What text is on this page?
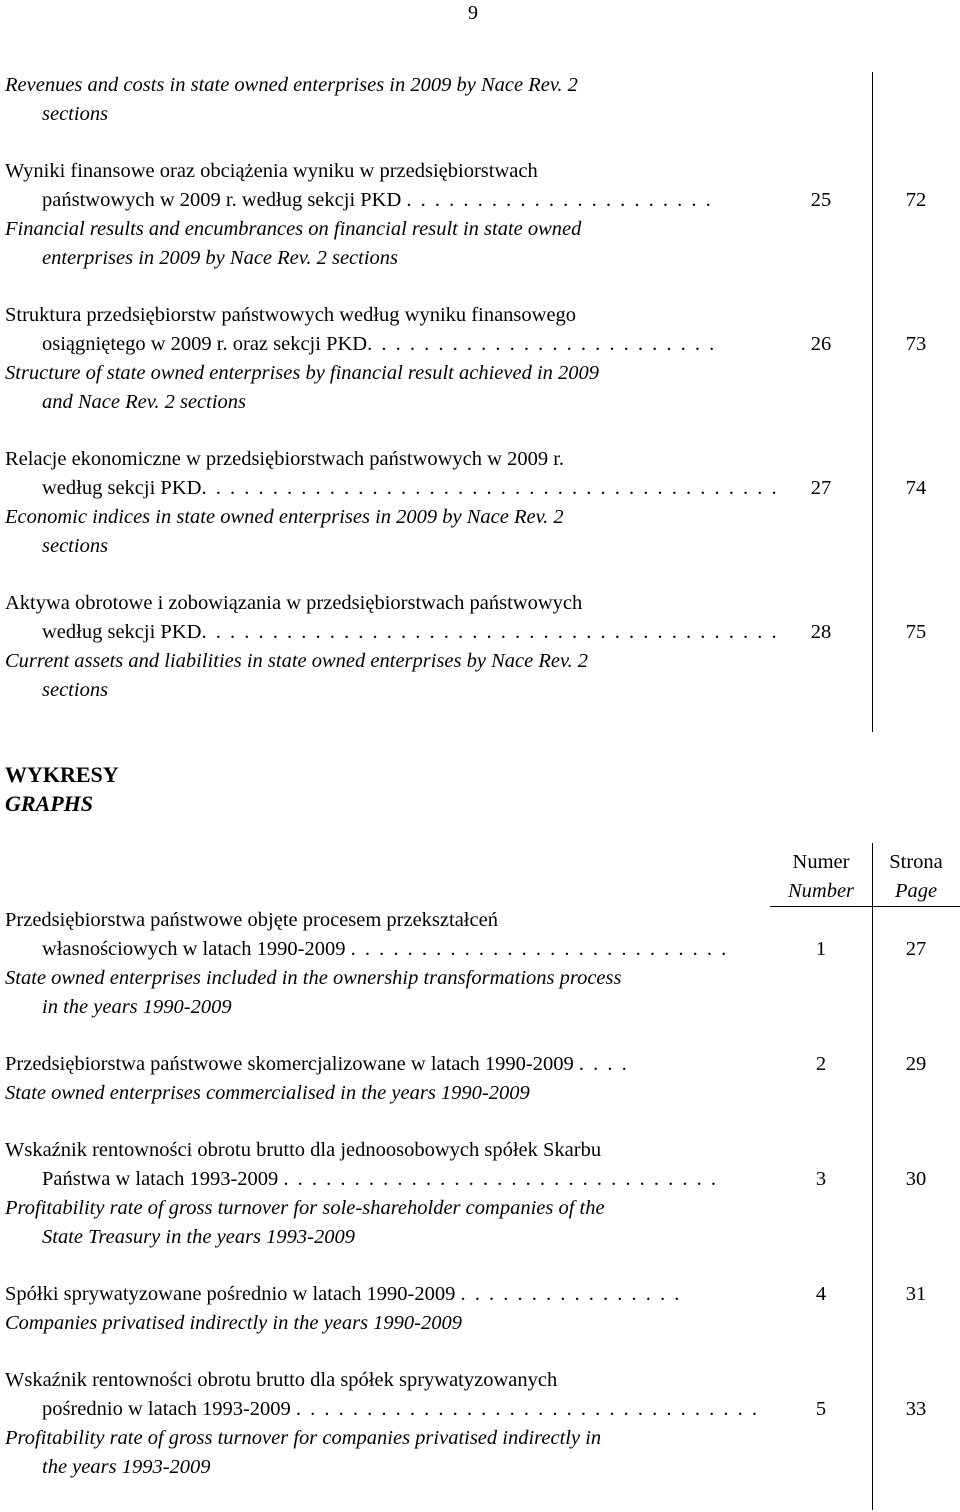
9
Revenues and costs in state owned enterprises in 2009 by Nace Rev. 2
sections
Wyniki finansowe oraz obciążenia wyniku w przedsiębiorstwach
państwowych w 2009 r. według sekcji PKD . . . . . . . . . . . . . . . . . . . . . .	25	72
Financial results and encumbrances on financial result in state owned
enterprises in 2009 by Nace Rev. 2 sections
Struktura przedsiębiorstw państwowych według wyniku finansowego
osiągniętego w 2009 r. oraz sekcji PKD. . . . . . . . . . . . . . . . . . . . . . . . .	26	73
Structure of state owned enterprises by financial result achieved in 2009
and Nace Rev. 2 sections
Relacje ekonomiczne w przedsiębiorstwach państwowych w 2009 r.
według sekcji PKD. . . . . . . . . . . . . . . . . . . . . . . . . . . . . . . . . . . . . . . . .	27	74
Economic indices in state owned enterprises in 2009 by Nace Rev. 2
sections
Aktywa obrotowe i zobowiązania w przedsiębiorstwach państwowych
według sekcji PKD. . . . . . . . . . . . . . . . . . . . . . . . . . . . . . . . . . . . . . . . .	28	75
Current assets and liabilities in state owned enterprises by Nace Rev. 2
sections
WYKRESY
GRAPHS
Numer
Number
Strona
Page
Przedsiębiorstwa państwowe objęte procesem przekształceń
własnościowych w latach 1990-2009 . . . . . . . . . . . . . . . . . . . . . . . . . . .	1	27
State owned enterprises included in the ownership transformations process
in the years 1990-2009
Przedsiębiorstwa państwowe skomercjalizowane w latach 1990-2009 . . . .	2	29
State owned enterprises commercialised in the years 1990-2009
Wskaźnik rentowności obrotu brutto dla jednoosobowych spółek Skarbu
Państwa w latach 1993-2009 . . . . . . . . . . . . . . . . . . . . . . . . . . . . . . .	3	30
Profitability rate of gross turnover for sole-shareholder companies of the
State Treasury in the years 1993-2009
Spółki sprywatyzowane pośrednio w latach 1990-2009 . . . . . . . . . . . . . . . .	4	31
Companies privatised indirectly in the years 1990-2009
Wskaźnik rentowności obrotu brutto dla spółek sprywatyzowanych
pośrednio w latach 1993-2009 . . . . . . . . . . . . . . . . . . . . . . . . . . . . . . . . .	5	33
Profitability rate of gross turnover for companies privatised indirectly in
the years 1993-2009
